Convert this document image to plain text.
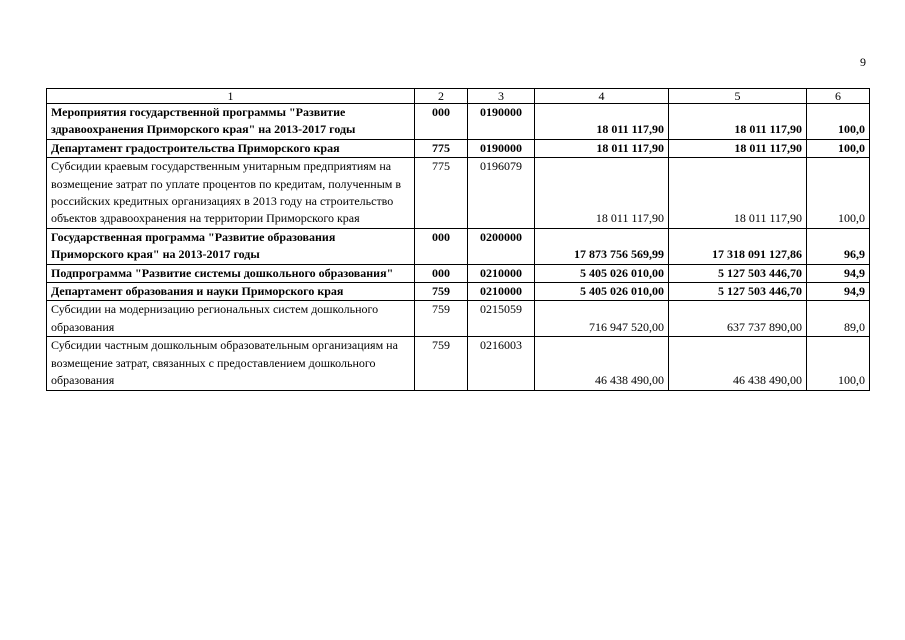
9
1	2	3	4	5	6
Мероприятия государственной программы "Развитие здравоохранения Приморского края" на 2013-2017 годы	000	0190000	18 011 117,90	18 011 117,90	100,0
Департамент градостроительства Приморского края	775	0190000	18 011 117,90	18 011 117,90	100,0
Субсидии краевым государственным унитарным предприятиям на возмещение затрат по уплате процентов по кредитам, полученным в российских кредитных организациях в 2013 году на строительство объектов здравоохранения на территории Приморского края	775	0196079	18 011 117,90	18 011 117,90	100,0
Государственная программа "Развитие образования Приморского края" на 2013-2017 годы	000	0200000	17 873 756 569,99	17 318 091 127,86	96,9
Подпрограмма "Развитие системы дошкольного образования"	000	0210000	5 405 026 010,00	5 127 503 446,70	94,9
Департамент образования и науки Приморского края	759	0210000	5 405 026 010,00	5 127 503 446,70	94,9
Субсидии на модернизацию региональных систем дошкольного образования	759	0215059	716 947 520,00	637 737 890,00	89,0
Субсидии частным дошкольным образовательным организациям на возмещение затрат, связанных с предоставлением дошкольного образования	759	0216003	46 438 490,00	46 438 490,00	100,0
